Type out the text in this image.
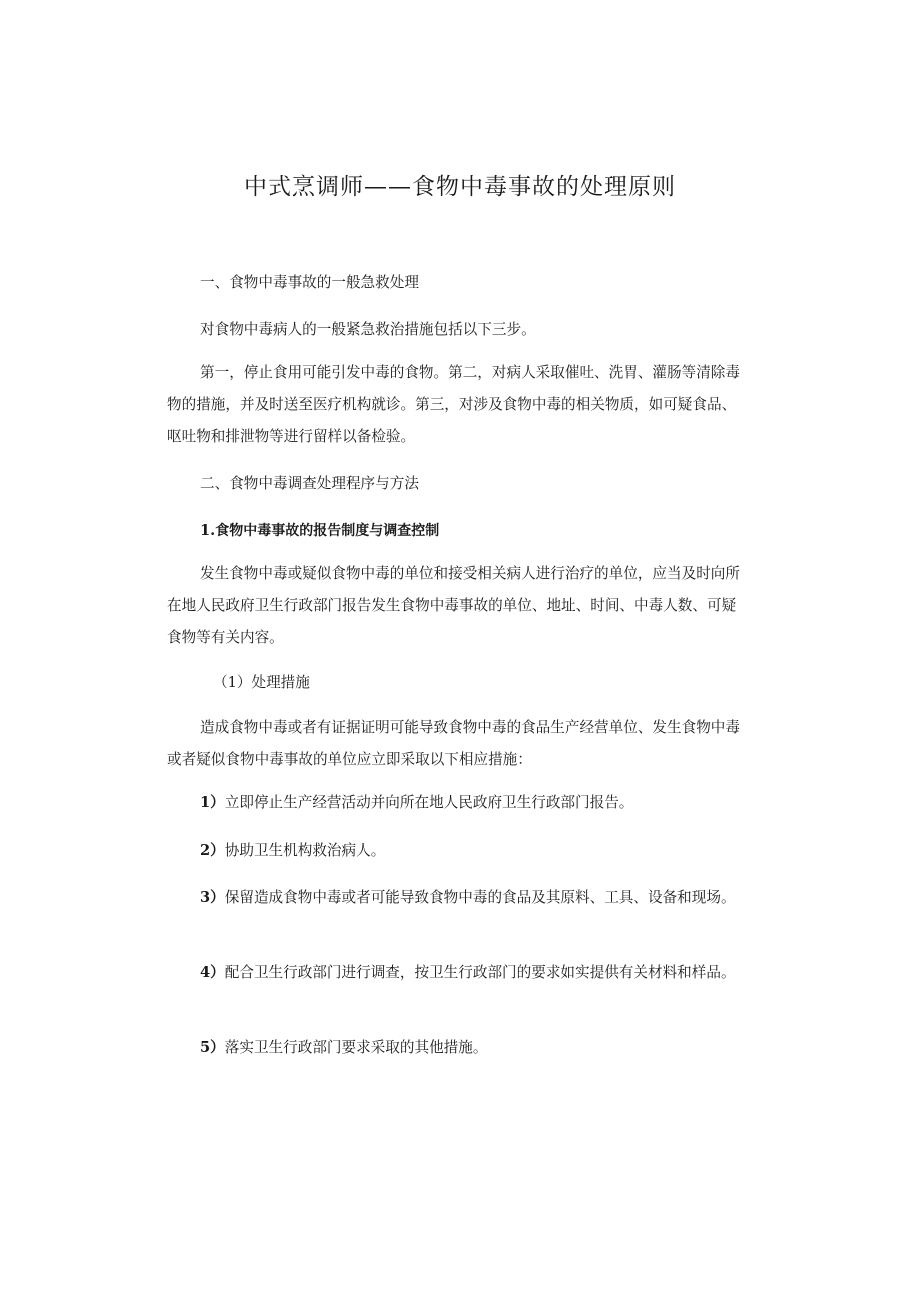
中式烹调师——食物中毒事故的处理原则

一、食物中毒事故的一般急救处理

对食物中毒病人的一般紧急救治措施包括以下三步。

第一，停止食用可能引发中毒的食物。第二，对病人采取催吐、洗胃、灌肠等清除毒物的措施，并及时送至医疗机构就诊。第三，对涉及食物中毒的相关物质，如可疑食品、呕吐物和排泄物等进行留样以备检验。

二、食物中毒调查处理程序与方法

1.食物中毒事故的报告制度与调查控制

发生食物中毒或疑似食物中毒的单位和接受相关病人进行治疗的单位，应当及时向所在地人民政府卫生行政部门报告发生食物中毒事故的单位、地址、时间、中毒人数、可疑食物等有关内容。

（1）处理措施

造成食物中毒或者有证据证明可能导致食物中毒的食品生产经营单位、发生食物中毒或者疑似食物中毒事故的单位应立即采取以下相应措施：

1）立即停止生产经营活动并向所在地人民政府卫生行政部门报告。

2）协助卫生机构救治病人。

3）保留造成食物中毒或者可能导致食物中毒的食品及其原料、工具、设备和现场。

4）配合卫生行政部门进行调查，按卫生行政部门的要求如实提供有关材料和样品。

5）落实卫生行政部门要求采取的其他措施。
